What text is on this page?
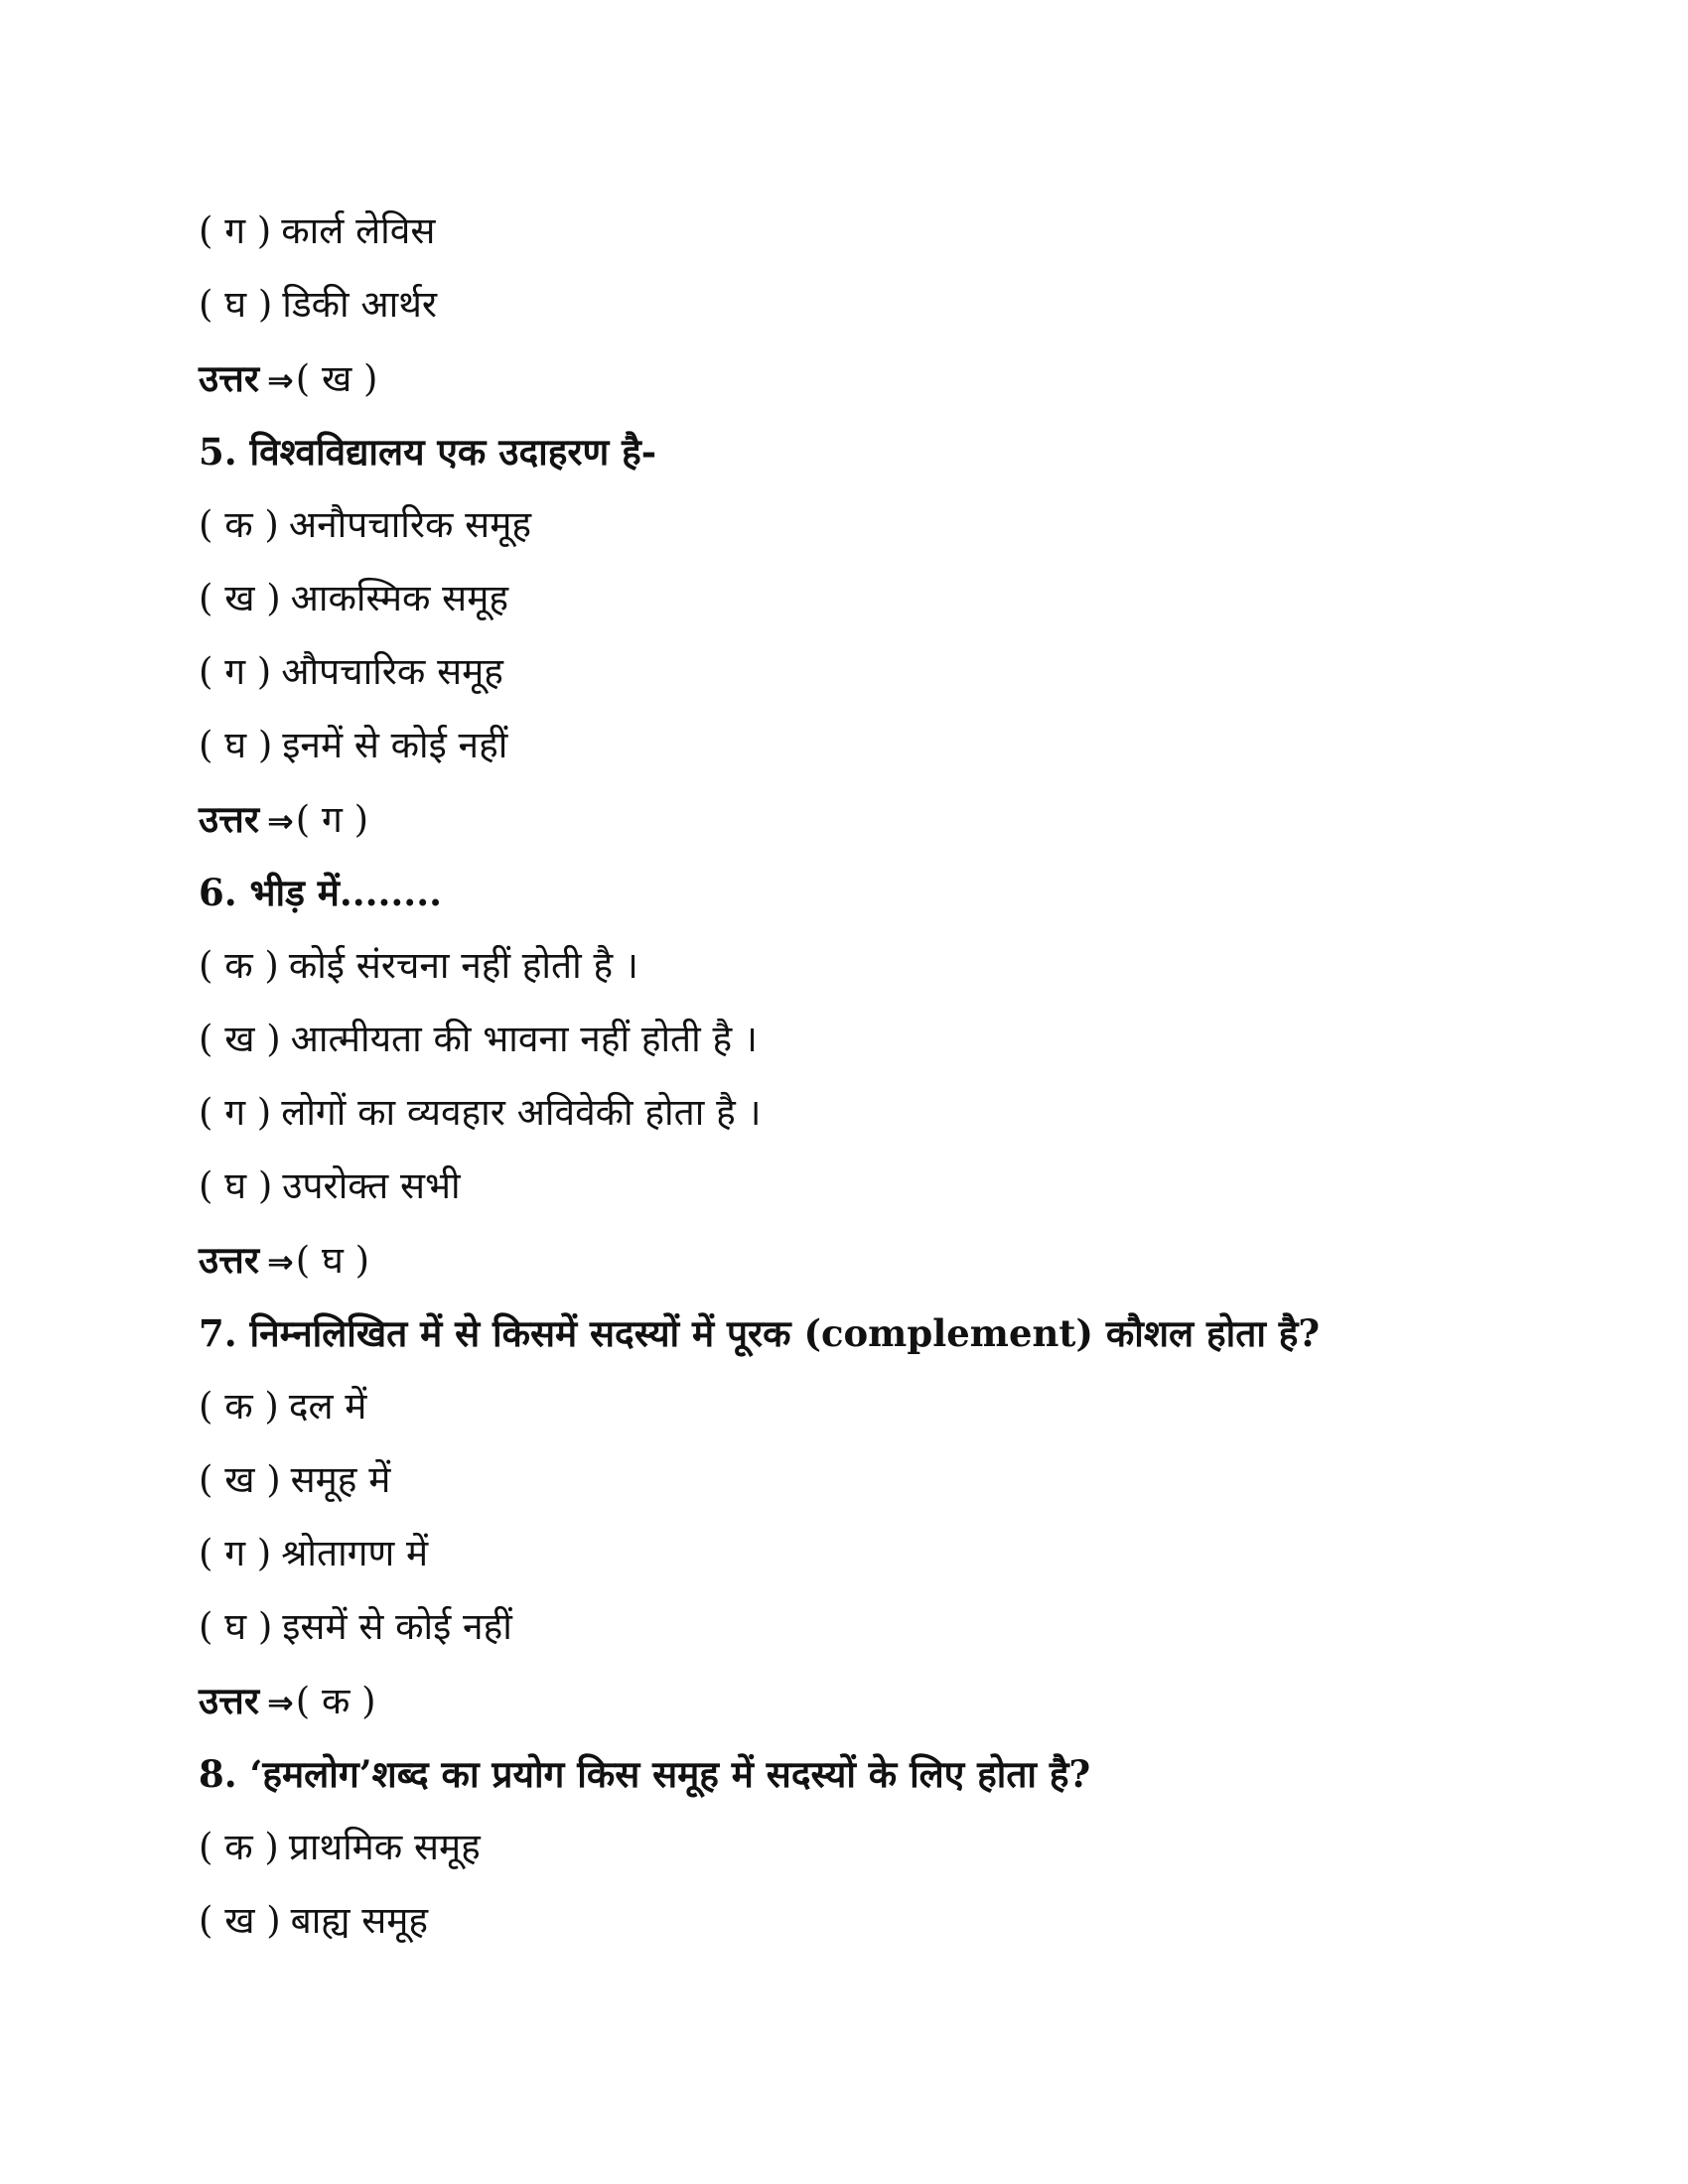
( ग ) कार्ल लेविस
( घ ) डिकी आर्थर
उत्तर ⇒( ख )
5. विश्वविद्यालय एक उदाहरण है-
( क ) अनौपचारिक समूह
( ख ) आकस्मिक समूह
( ग ) औपचारिक समूह
( घ ) इनमें से कोई नहीं
उत्तर ⇒( ग )
6. भीड़ में........
( क ) कोई संरचना नहीं होती है ।
( ख ) आत्मीयता की भावना नहीं होती है ।
( ग ) लोगों का व्यवहार अविवेकी होता है ।
( घ ) उपरोक्त सभी
उत्तर ⇒( घ )
7. निम्नलिखित में से किसमें सदस्यों में पूरक (complement) कौशल होता है?
( क ) दल में
( ख ) समूह में
( ग ) श्रोतागण में
( घ ) इसमें से कोई नहीं
उत्तर ⇒( क )
8. ‘हमलोग’शब्द का प्रयोग किस समूह में सदस्यों के लिए होता है?
( क ) प्राथमिक समूह
( ख ) बाह्य समूह
